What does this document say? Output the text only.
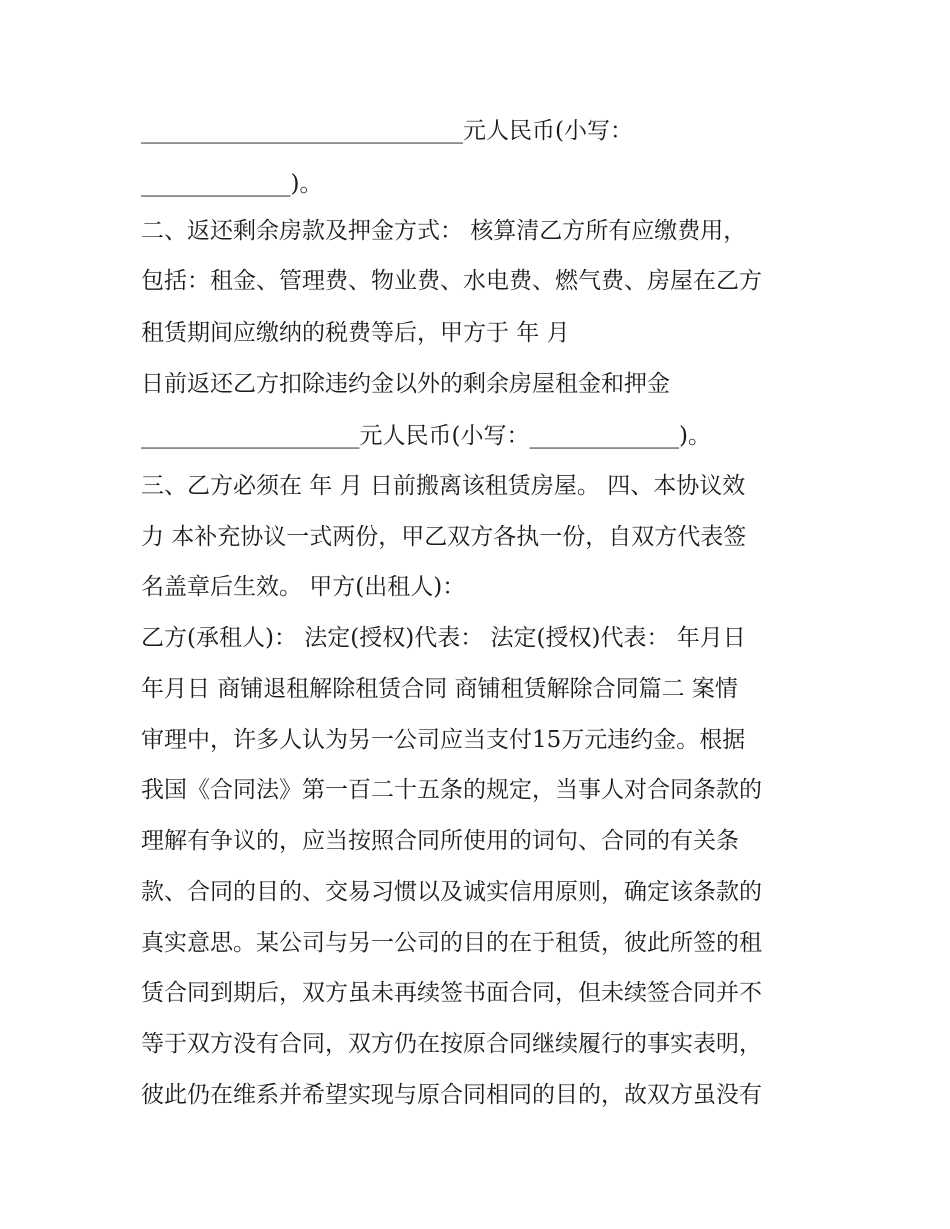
____________________________元人民币(小写：
_____________)。
二、返还剩余房款及押金方式： 核算清乙方所有应缴费用，
包括：租金、管理费、物业费、水电费、燃气费、房屋在乙方
租赁期间应缴纳的税费等后，甲方于 年 月
日前返还乙方扣除违约金以外的剩余房屋租金和押金
___________________元人民币(小写：_____________)。
三、乙方必须在 年 月 日前搬离该租赁房屋。 四、本协议效
力 本补充协议一式两份，甲乙双方各执一份，自双方代表签
名盖章后生效。 甲方(出租人)：
乙方(承租人)： 法定(授权)代表： 法定(授权)代表： 年月日
年月日 商铺退租解除租赁合同 商铺租赁解除合同篇二 案情
审理中，许多人认为另一公司应当支付15万元违约金。根据
我国《合同法》第一百二十五条的规定，当事人对合同条款的
理解有争议的，应当按照合同所使用的词句、合同的有关条
款、合同的目的、交易习惯以及诚实信用原则，确定该条款的
真实意思。某公司与另一公司的目的在于租赁，彼此所签的租
赁合同到期后，双方虽未再续签书面合同，但未续签合同并不
等于双方没有合同，双方仍在按原合同继续履行的事实表明，
彼此仍在维系并希望实现与原合同相同的目的，故双方虽没有
